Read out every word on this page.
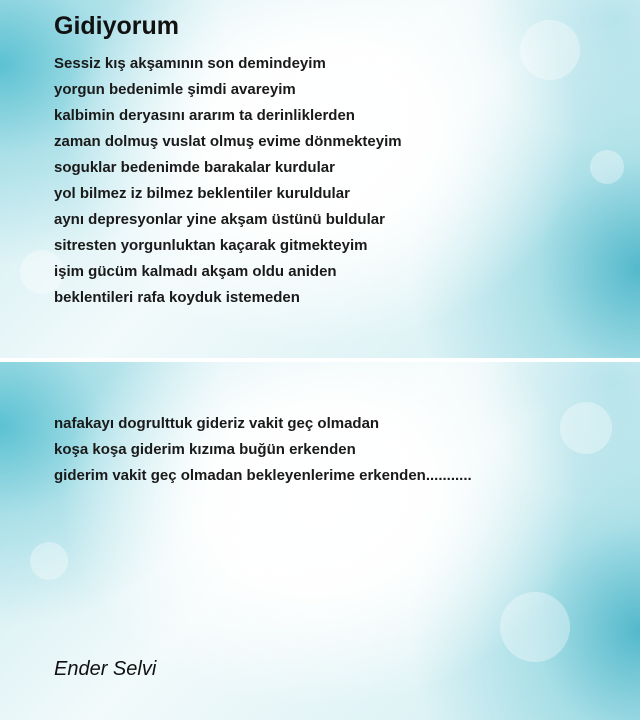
Gidiyorum
Sessiz kış akşamının son demindeyim
yorgun bedenimle şimdi avareyim
kalbimin deryasını ararım ta derinliklerden
zaman dolmuş vuslat olmuş evime dönmekteyim
soguklar bedenimde barakalar kurdular
yol bilmez iz bilmez beklentiler kuruldular
aynı depresyonlar yine akşam üstünü buldular
sitresten yorgunluktan kaçarak gitmekteyim
işim gücüm kalmadı akşam oldu aniden
beklentileri rafa koyduk istemeden
nafakayı dogrulttuk gideriz vakit geç olmadan
koşa koşa giderim kızıma buğün erkenden
giderim vakit geç olmadan bekleyenlerime erkenden...........

Ender Selvi
